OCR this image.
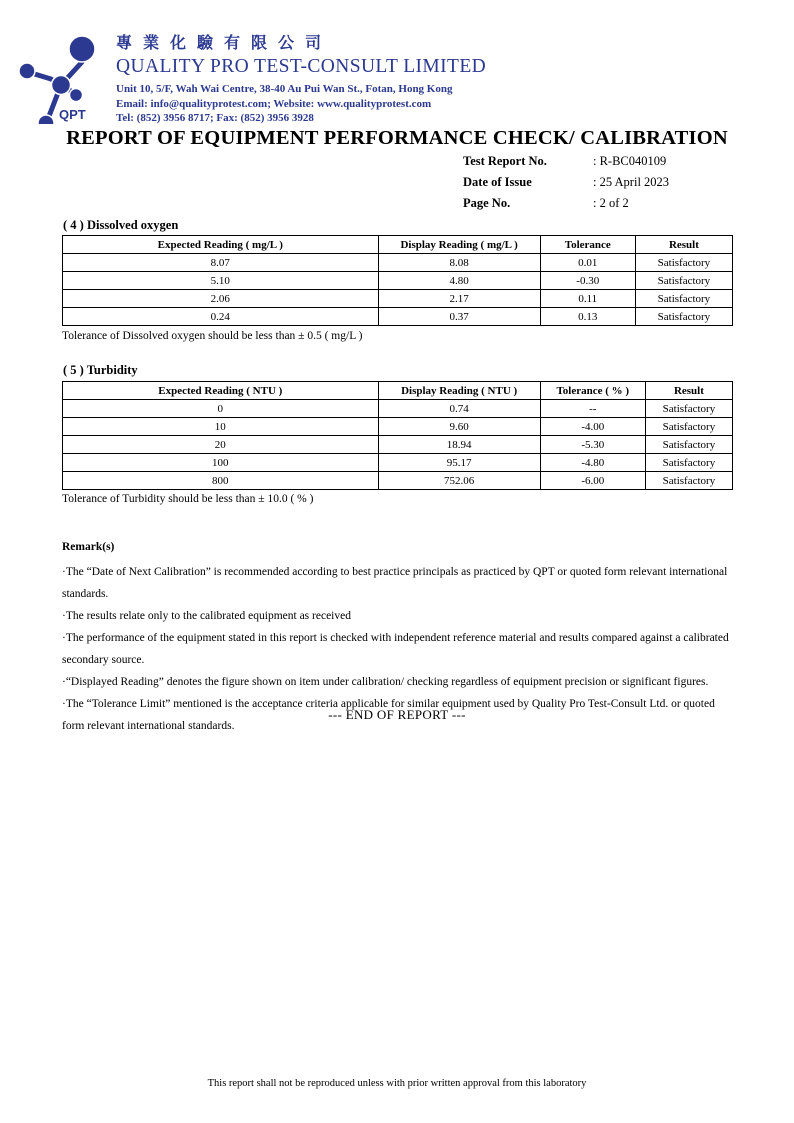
QPT
專業化驗有限公司
QUALITY PRO TEST-CONSULT LIMITED
Unit 10, 5/F, Wah Wai Centre, 38-40 Au Pui Wan St., Fotan, Hong Kong
Email: info@qualityprotest.com; Website: www.qualityprotest.com
Tel: (852) 3956 8717; Fax: (852) 3956 3928
REPORT OF EQUIPMENT PERFORMANCE CHECK/ CALIBRATION
Test Report No.	: R-BC040109
Date of Issue	: 25 April 2023
Page No.	: 2 of 2
( 4 ) Dissolved oxygen
Expected Reading ( mg/L )	Display Reading ( mg/L )	Tolerance	Result
8.07	8.08	0.01	Satisfactory
5.10	4.80	-0.30	Satisfactory
2.06	2.17	0.11	Satisfactory
0.24	0.37	0.13	Satisfactory
Tolerance of Dissolved oxygen should be less than ± 0.5 ( mg/L )
( 5 ) Turbidity
Expected Reading ( NTU )	Display Reading ( NTU )	Tolerance ( % )	Result
0	0.74	--	Satisfactory
10	9.60	-4.00	Satisfactory
20	18.94	-5.30	Satisfactory
100	95.17	-4.80	Satisfactory
800	752.06	-6.00	Satisfactory
Tolerance of Turbidity should be less than ± 10.0 ( % )
Remark(s)

·The “Date of Next Calibration” is recommended according to best practice principals as practiced by QPT or quoted form relevant international standards.

·The results relate only to the calibrated equipment as received

·The performance of the equipment stated in this report is checked with independent reference material and results compared against a calibrated secondary source.

·“Displayed Reading” denotes the figure shown on item under calibration/ checking regardless of equipment precision or significant figures.

·The “Tolerance Limit” mentioned is the acceptance criteria applicable for similar equipment used by Quality Pro Test-Consult Ltd. or quoted form relevant international standards.

--- END OF REPORT ---
This report shall not be reproduced unless with prior written approval from this laboratory
